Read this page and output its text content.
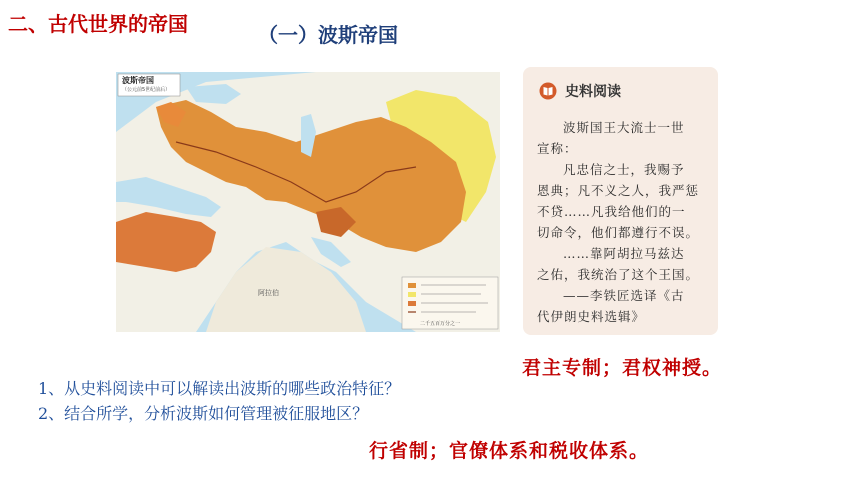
二、古代世界的帝国	（一）波斯帝国
波斯帝国
（公元前5世纪前后）
阿拉伯
二千五百万分之一
史料阅读

波斯国王大流士一世

宣称：

凡忠信之士，我赐予

恩典；凡不义之人，我严惩

不贷……凡我给他们的一

切命令，他们都遵行不误。

……靠阿胡拉马兹达

之佑，我统治了这个王国。

——李铁匠选译《古

代伊朗史料选辑》

1、从史料阅读中可以解读出波斯的哪些政治特征？
2、结合所学，分析波斯如何管理被征服地区？
君主专制；君权神授。
行省制；官僚体系和税收体系。
